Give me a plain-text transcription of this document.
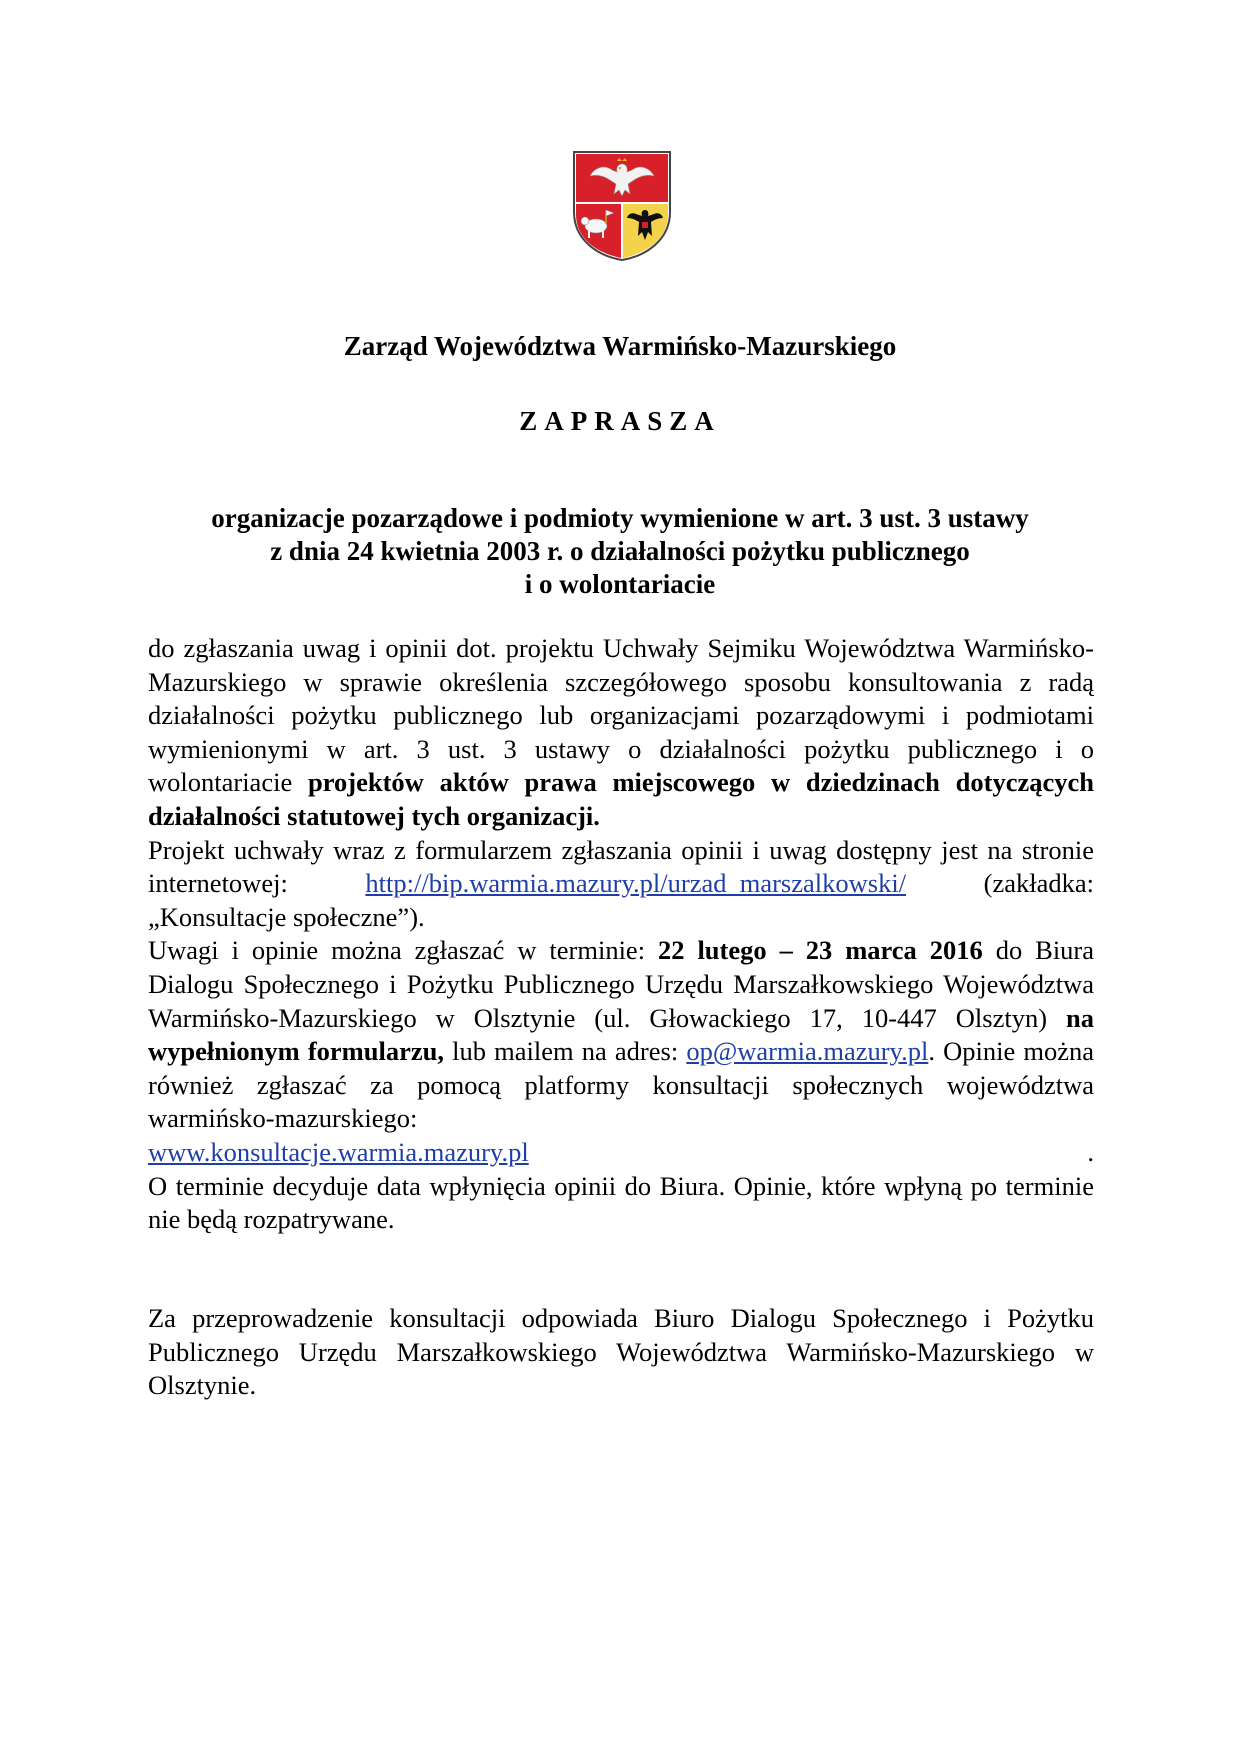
Zarząd Województwa Warmińsko-Mazurskiego

ZAPRASZA

organizacje pozarządowe i podmioty wymienione w art. 3 ust. 3 ustawy
z dnia 24 kwietnia 2003 r. o działalności pożytku publicznego
i o wolontariacie

do zgłaszania uwag i opinii dot. projektu Uchwały Sejmiku Województwa Warmińsko-Mazurskiego w sprawie określenia szczegółowego sposobu konsultowania z radą działalności pożytku publicznego lub organizacjami pozarządowymi i podmiotami wymienionymi w art. 3 ust. 3 ustawy o działalności pożytku publicznego i o wolontariacie projektów aktów prawa miejscowego w dziedzinach dotyczących działalności statutowej tych organizacji.

Projekt uchwały wraz z formularzem zgłaszania opinii i uwag dostępny jest na stronie internetowej: http://bip.warmia.mazury.pl/urzad_marszalkowski/ (zakładka: „Konsultacje społeczne”).

Uwagi i opinie można zgłaszać w terminie: 22 lutego – 23 marca 2016 do Biura Dialogu Społecznego i Pożytku Publicznego Urzędu Marszałkowskiego Województwa Warmińsko-Mazurskiego w Olsztynie (ul. Głowackiego 17, 10-447 Olsztyn) na wypełnionym formularzu, lub mailem na adres: op@warmia.mazury.pl. Opinie można również zgłaszać za pomocą platformy konsultacji społecznych województwa warmińsko-mazurskiego:

www.konsultacje.warmia.mazury.pl	.

O terminie decyduje data wpłynięcia opinii do Biura. Opinie, które wpłyną po terminie nie będą rozpatrywane.

Za przeprowadzenie konsultacji odpowiada Biuro Dialogu Społecznego i Pożytku Publicznego Urzędu Marszałkowskiego Województwa Warmińsko-Mazurskiego w Olsztynie.
